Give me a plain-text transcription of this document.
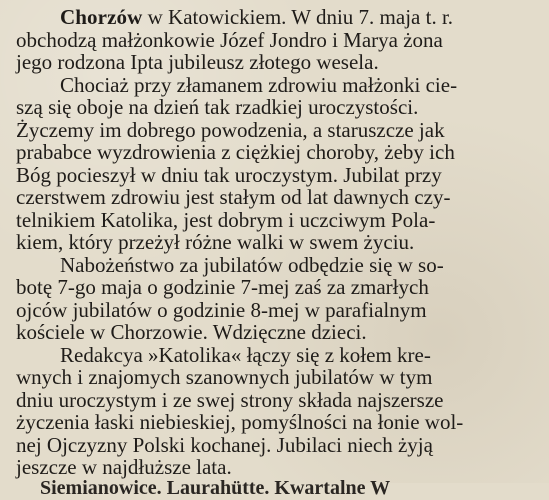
Chorzów w Katowickiem. W dniu 7. maja t. r.
obchodzą małżonkowie Józef Jondro i Marya żona
jego rodzona Ipta jubileusz złotego wesela.
Chociaż przy złamanem zdrowiu małżonki cie-
szą się oboje na dzień tak rzadkiej uroczystości.
Życzemy im dobrego powodzenia, a staruszcze jak
prababce wyzdrowienia z ciężkiej choroby, żeby ich
Bóg pocieszył w dniu tak uroczystym. Jubilat przy
czerstwem zdrowiu jest stałym od lat dawnych czy-
telnikiem Katolika, jest dobrym i uczciwym Pola-
kiem, który przeżył różne walki w swem życiu.
Nabożeństwo za jubilatów odbędzie się w so-
botę 7-go maja o godzinie 7-mej zaś za zmarłych
ojców jubilatów o godzinie 8-mej w parafialnym
kościele w Chorzowie. Wdzięczne dzieci.
Redakcya »Katolika« łączy się z kołem kre-
wnych i znajomych szanownych jubilatów w tym
dniu uroczystym i ze swej strony składa najszersze
życzenia łaski niebieskiej, pomyślności na łonie wol-
nej Ojczyzny Polski kochanej. Jubilaci niech żyją
jeszcze w najdłuższe lata.
Siemianowice. Laurahütte. Kwartalne W
